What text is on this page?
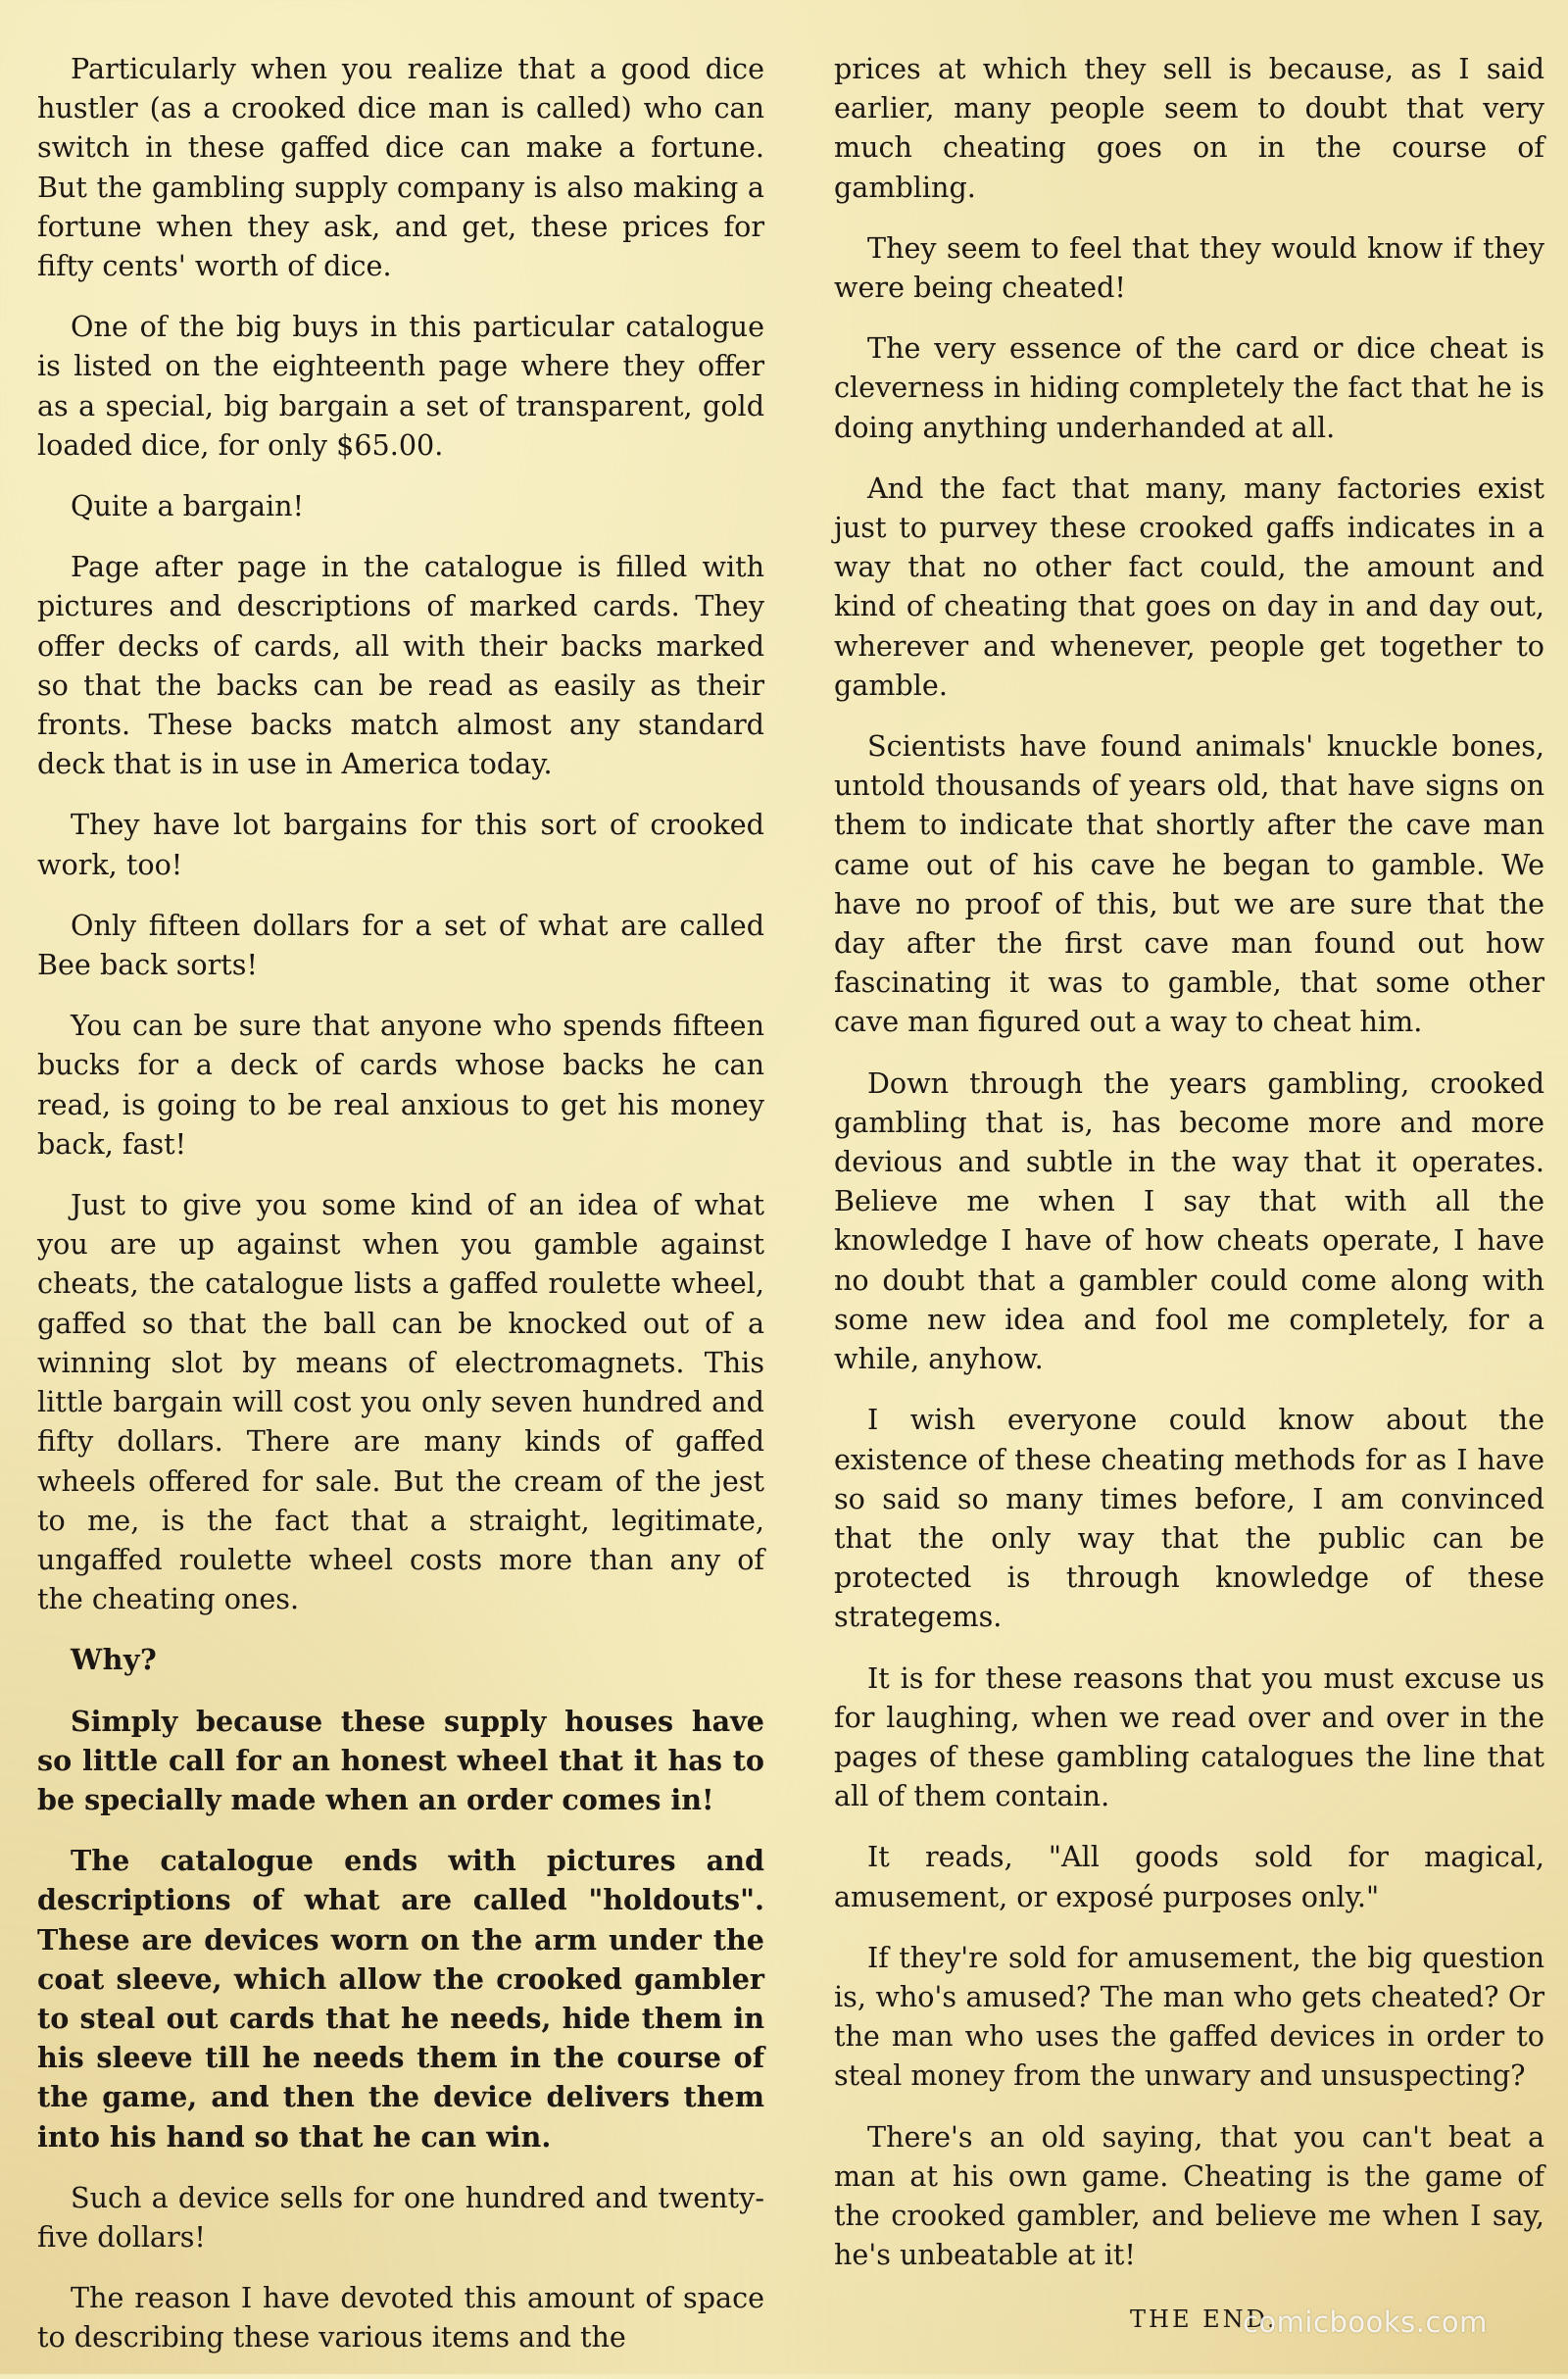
Particularly when you realize that a good dice hustler (as a crooked dice man is called) who can switch in these gaffed dice can make a fortune. But the gambling supply company is also making a fortune when they ask, and get, these prices for fifty cents' worth of dice.

One of the big buys in this particular catalogue is listed on the eighteenth page where they offer as a special, big bargain a set of transparent, gold loaded dice, for only $65.00.

Quite a bargain!

Page after page in the catalogue is filled with pictures and descriptions of marked cards. They offer decks of cards, all with their backs marked so that the backs can be read as easily as their fronts. These backs match almost any standard deck that is in use in America today.

They have lot bargains for this sort of crooked work, too!

Only fifteen dollars for a set of what are called Bee back sorts!

You can be sure that anyone who spends fifteen bucks for a deck of cards whose backs he can read, is going to be real anxious to get his money back, fast!

Just to give you some kind of an idea of what you are up against when you gamble against cheats, the catalogue lists a gaffed roulette wheel, gaffed so that the ball can be knocked out of a winning slot by means of electromagnets. This little bargain will cost you only seven hundred and fifty dollars. There are many kinds of gaffed wheels offered for sale. But the cream of the jest to me, is the fact that a straight, legitimate, ungaffed roulette wheel costs more than any of the cheating ones.

Why?

Simply because these supply houses have so little call for an honest wheel that it has to be specially made when an order comes in!

The catalogue ends with pictures and descriptions of what are called "holdouts". These are devices worn on the arm under the coat sleeve, which allow the crooked gambler to steal out cards that he needs, hide them in his sleeve till he needs them in the course of the game, and then the device delivers them into his hand so that he can win.

Such a device sells for one hundred and twenty-five dollars!

The reason I have devoted this amount of space to describing these various items and the

prices at which they sell is because, as I said earlier, many people seem to doubt that very much cheating goes on in the course of gambling.

They seem to feel that they would know if they were being cheated!

The very essence of the card or dice cheat is cleverness in hiding completely the fact that he is doing anything underhanded at all.

And the fact that many, many factories exist just to purvey these crooked gaffs indicates in a way that no other fact could, the amount and kind of cheating that goes on day in and day out, wherever and whenever, people get together to gamble.

Scientists have found animals' knuckle bones, untold thousands of years old, that have signs on them to indicate that shortly after the cave man came out of his cave he began to gamble. We have no proof of this, but we are sure that the day after the first cave man found out how fascinating it was to gamble, that some other cave man figured out a way to cheat him.

Down through the years gambling, crooked gambling that is, has become more and more devious and subtle in the way that it operates. Believe me when I say that with all the knowledge I have of how cheats operate, I have no doubt that a gambler could come along with some new idea and fool me completely, for a while, anyhow.

I wish everyone could know about the existence of these cheating methods for as I have so said so many times before, I am convinced that the only way that the public can be protected is through knowledge of these strategems.

It is for these reasons that you must excuse us for laughing, when we read over and over in the pages of these gambling catalogues the line that all of them contain.

It reads, "All goods sold for magical, amusement, or exposé purposes only."

If they're sold for amusement, the big question is, who's amused? The man who gets cheated? Or the man who uses the gaffed devices in order to steal money from the unwary and unsuspecting?

There's an old saying, that you can't beat a man at his own game. Cheating is the game of the crooked gambler, and believe me when I say, he's unbeatable at it!

THE END.
comicbooks.com
